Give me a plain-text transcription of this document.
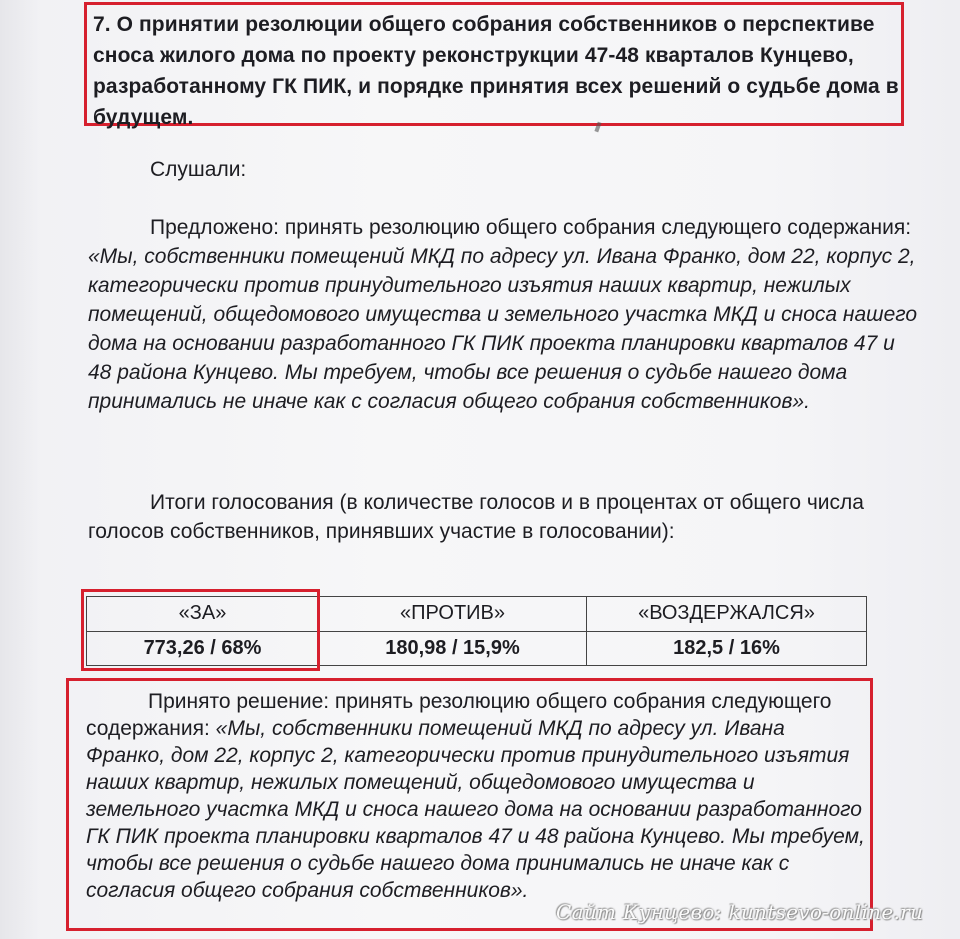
7. О принятии резолюции общего собрания собственников о перспективе сноса жилого дома по проекту реконструкции 47-48 кварталов Кунцево, разработанному ГК ПИК, и порядке принятия всех решений о судьбе дома в будущем.
Слушали:
Предложено: принять резолюцию общего собрания следующего содержания: «Мы, собственники помещений МКД по адресу ул. Ивана Франко, дом 22, корпус 2, категорически против принудительного изъятия наших квартир, нежилых помещений, общедомового имущества и земельного участка МКД и сноса нашего дома на основании разработанного ГК ПИК проекта планировки кварталов 47 и 48 района Кунцево. Мы требуем, чтобы все решения о судьбе нашего дома принимались не иначе как с согласия общего собрания собственников».
Итоги голосования (в количестве голосов и в процентах от общего числа голосов собственников, принявших участие в голосовании):
«ЗА»	«ПРОТИВ»	«ВОЗДЕРЖАЛСЯ»
773,26 / 68%	180,98 / 15,9%	182,5 / 16%
Принято решение: принять резолюцию общего собрания следующего содержания: «Мы, собственники помещений МКД по адресу ул. Ивана Франко, дом 22, корпус 2, категорически против принудительного изъятия наших квартир, нежилых помещений, общедомового имущества и земельного участка МКД и сноса нашего дома на основании разработанного ГК ПИК проекта планировки кварталов 47 и 48 района Кунцево. Мы требуем, чтобы все решения о судьбе нашего дома принимались не иначе как с согласия общего собрания собственников».
Сайт Кунцево: kuntsevo-online.ru
